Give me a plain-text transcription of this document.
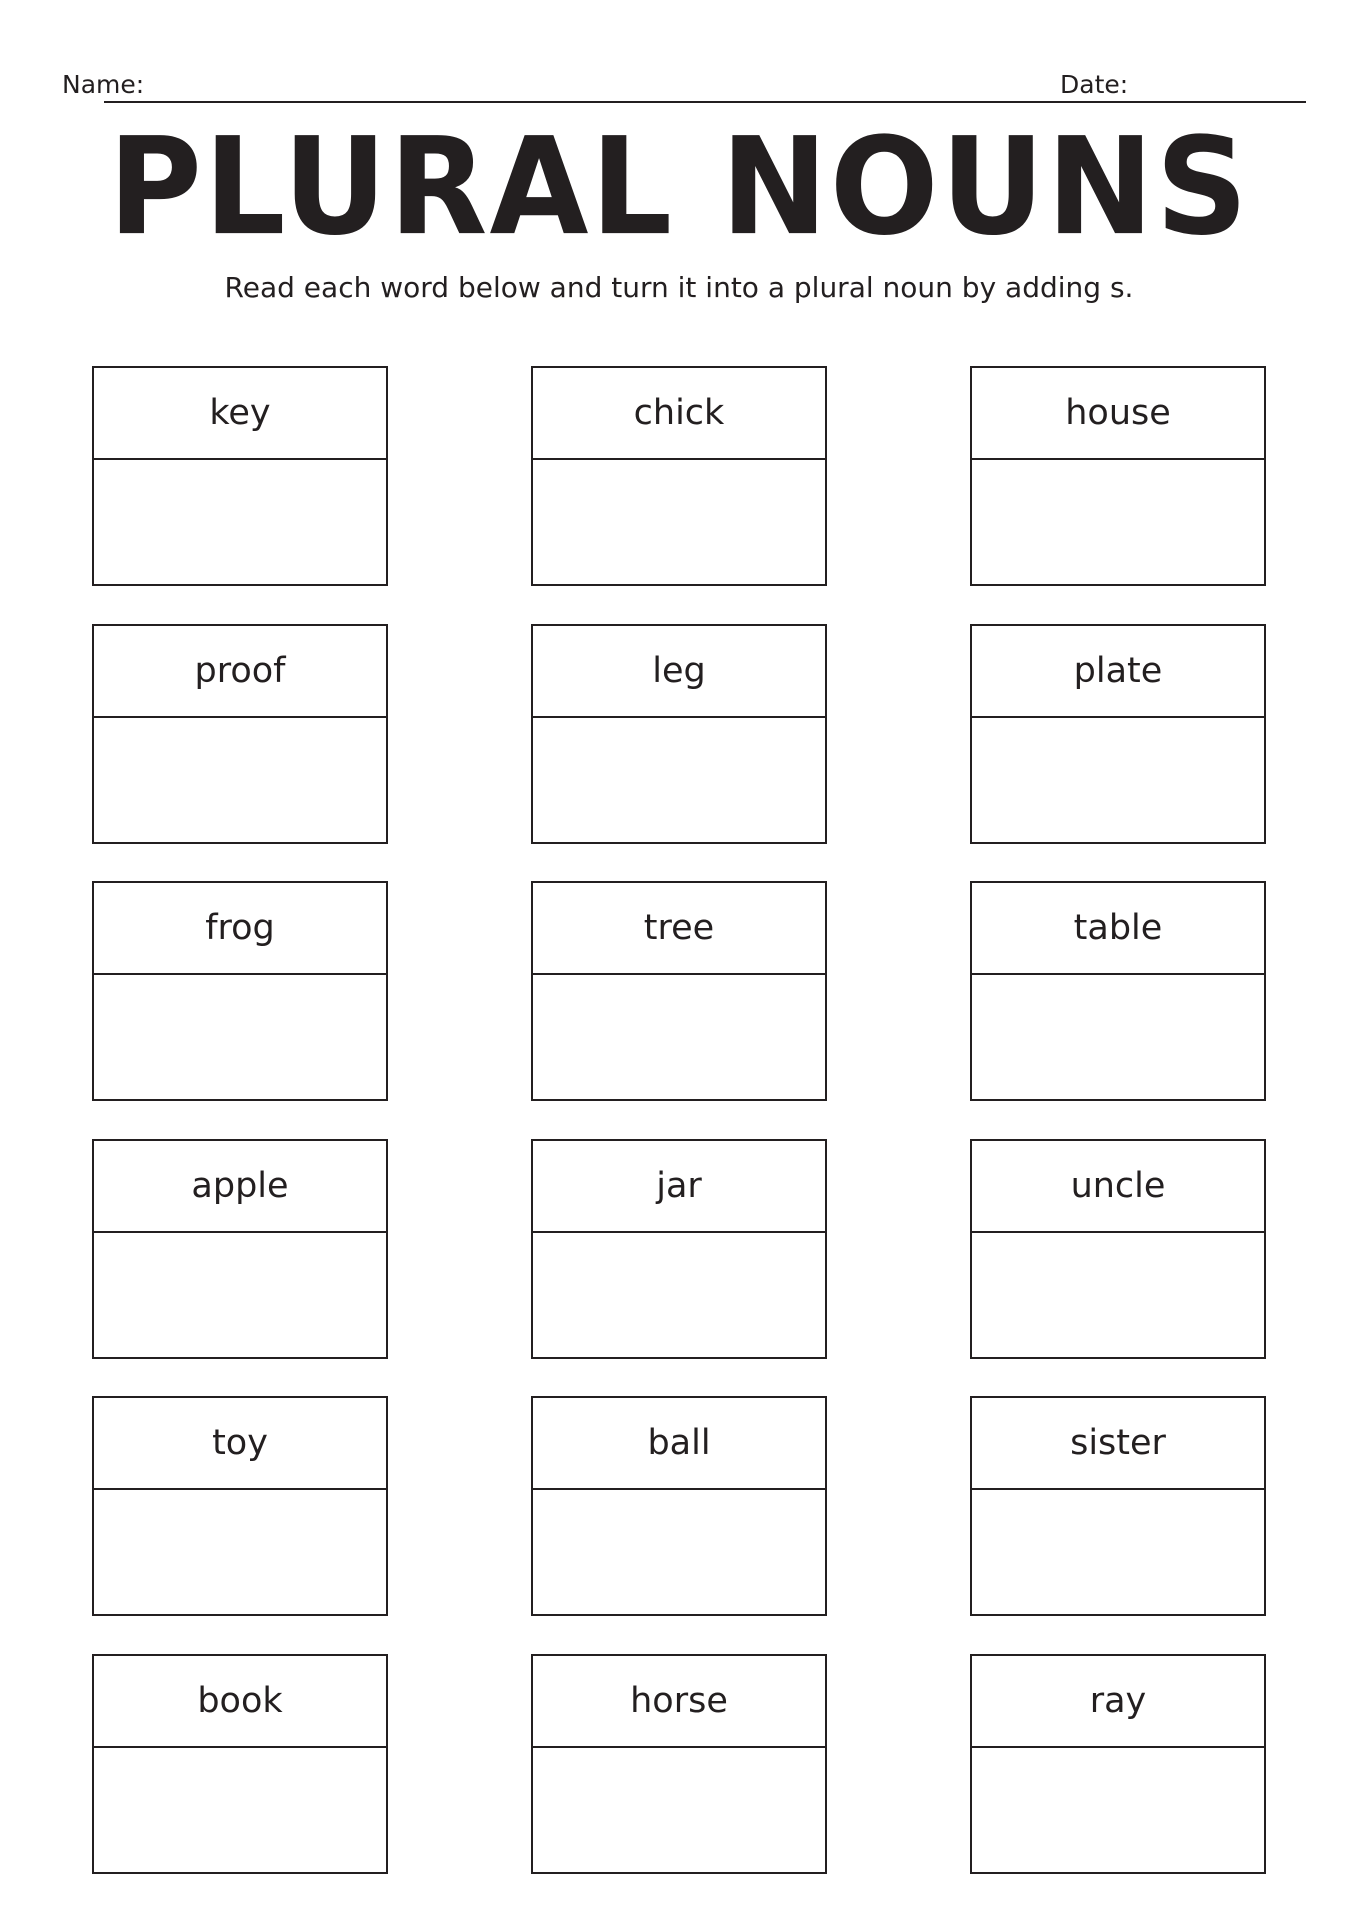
Name:	Date:
PLURAL NOUNS
Read each word below and turn it into a plural noun by adding s.
key	chick	house
proof	leg	plate
frog	tree	table
apple	jar	uncle
toy	ball	sister
book	horse	ray
